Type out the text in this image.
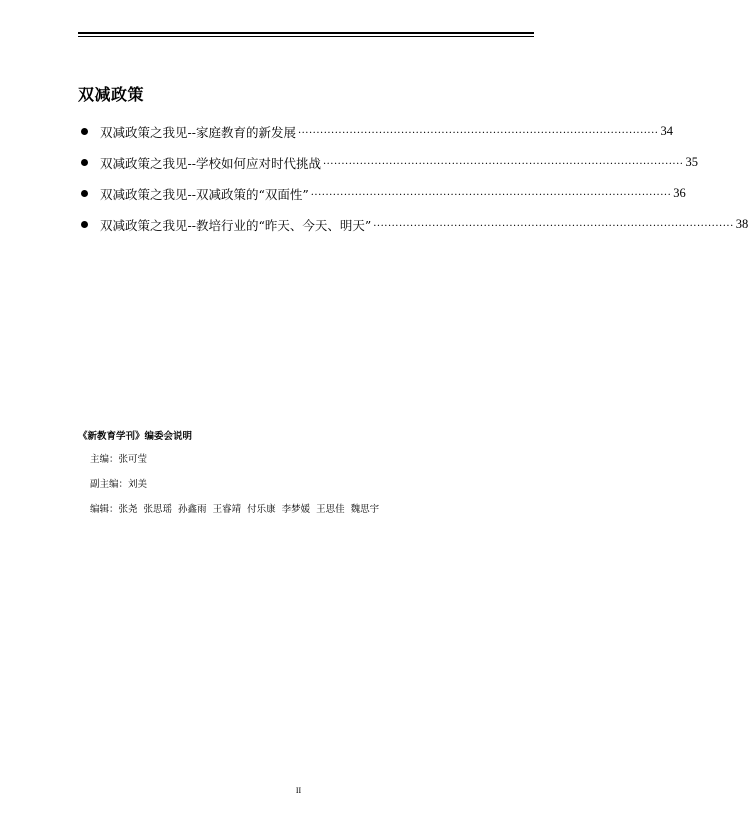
双减政策
双减政策之我见--家庭教育的新发展 ·································································································· 34
双减政策之我见--学校如何应对时代挑战 ·································································································· 35
双减政策之我见--双减政策的“双面性” ·································································································· 36
双减政策之我见--教培行业的“昨天、今天、明天” ·································································································· 38
《新教育学刊》编委会说明
主编：张可莹
副主编：刘美
编辑：张尧 张思瑶 孙鑫雨 王睿靖 付乐康 李梦媛 王思佳 魏思宇
II
